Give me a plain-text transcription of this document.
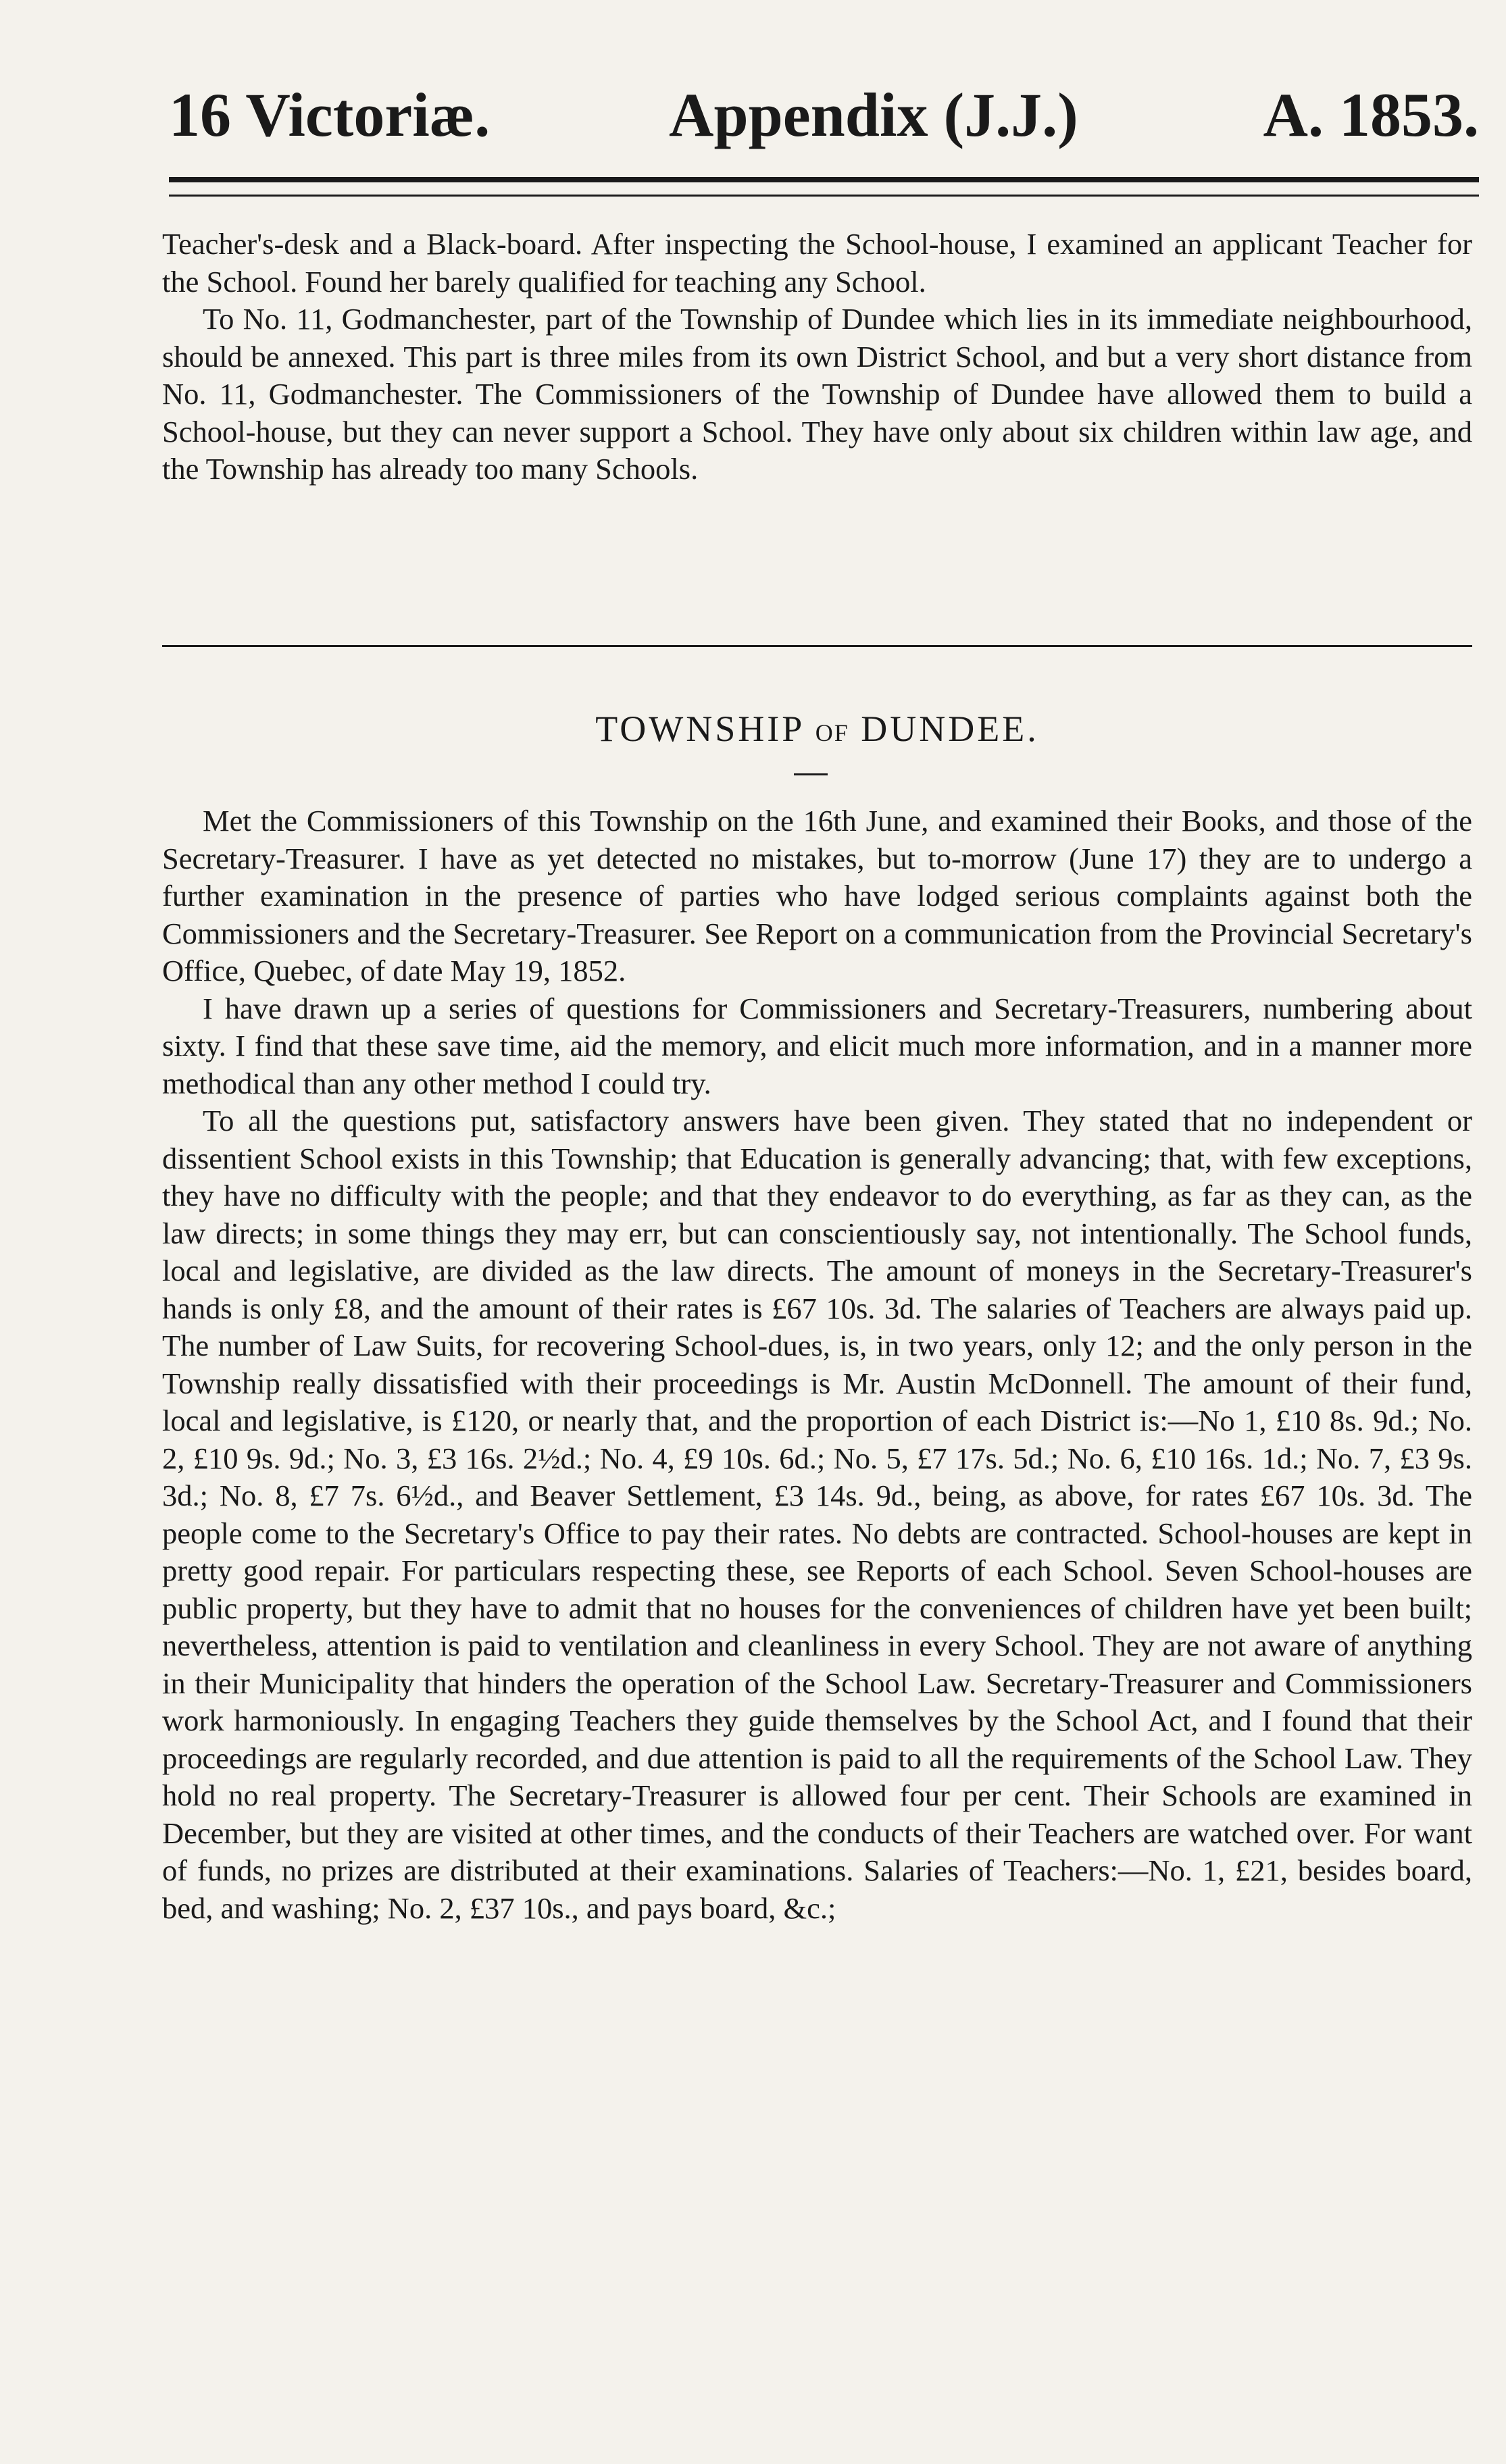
16 Victoriæ.	Appendix (J.J.)	A. 1853.

Teacher's-desk and a Black-board. After inspecting the School-house, I examined an applicant Teacher for the School. Found her barely qualified for teaching any School.

To No. 11, Godmanchester, part of the Township of Dundee which lies in its immediate neighbourhood, should be annexed. This part is three miles from its own District School, and but a very short distance from No. 11, Godmanchester. The Commissioners of the Township of Dundee have allowed them to build a School-house, but they can never support a School. They have only about six children within law age, and the Township has already too many Schools.

TOWNSHIP OF DUNDEE.

Met the Commissioners of this Township on the 16th June, and examined their Books, and those of the Secretary-Treasurer. I have as yet detected no mistakes, but to-morrow (June 17) they are to undergo a further examination in the presence of parties who have lodged serious complaints against both the Commissioners and the Secretary-Treasurer. See Report on a communication from the Provincial Secretary's Office, Quebec, of date May 19, 1852.

I have drawn up a series of questions for Commissioners and Secretary-Treasurers, numbering about sixty. I find that these save time, aid the memory, and elicit much more information, and in a manner more methodical than any other method I could try.

To all the questions put, satisfactory answers have been given. They stated that no independent or dissentient School exists in this Township; that Education is generally advancing; that, with few exceptions, they have no difficulty with the people; and that they endeavor to do everything, as far as they can, as the law directs; in some things they may err, but can conscientiously say, not intentionally. The School funds, local and legislative, are divided as the law directs. The amount of moneys in the Secretary-Treasurer's hands is only £8, and the amount of their rates is £67 10s. 3d. The salaries of Teachers are always paid up. The number of Law Suits, for recovering School-dues, is, in two years, only 12; and the only person in the Township really dissatisfied with their proceedings is Mr. Austin McDonnell. The amount of their fund, local and legislative, is £120, or nearly that, and the proportion of each District is:—No 1, £10 8s. 9d.; No. 2, £10 9s. 9d.; No. 3, £3 16s. 2½d.; No. 4, £9 10s. 6d.; No. 5, £7 17s. 5d.; No. 6, £10 16s. 1d.; No. 7, £3 9s. 3d.; No. 8, £7 7s. 6½d., and Beaver Settlement, £3 14s. 9d., being, as above, for rates £67 10s. 3d. The people come to the Secretary's Office to pay their rates. No debts are contracted. School-houses are kept in pretty good repair. For particulars respecting these, see Reports of each School. Seven School-houses are public property, but they have to admit that no houses for the conveniences of children have yet been built; nevertheless, attention is paid to ventilation and cleanliness in every School. They are not aware of anything in their Municipality that hinders the operation of the School Law. Secretary-Treasurer and Commissioners work harmoniously. In engaging Teachers they guide themselves by the School Act, and I found that their proceedings are regularly recorded, and due attention is paid to all the requirements of the School Law. They hold no real property. The Secretary-Treasurer is allowed four per cent. Their Schools are examined in December, but they are visited at other times, and the conducts of their Teachers are watched over. For want of funds, no prizes are distributed at their examinations. Salaries of Teachers:—No. 1, £21, besides board, bed, and washing; No. 2, £37 10s., and pays board, &c.;
